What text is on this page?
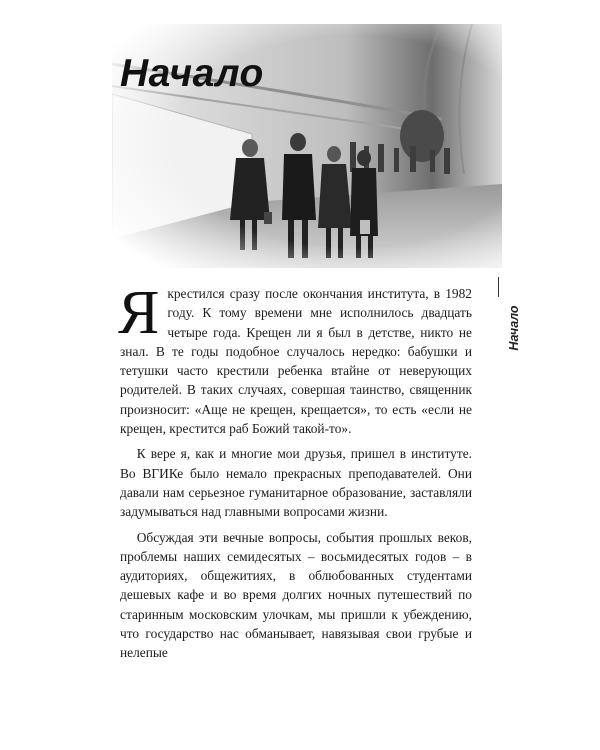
Начало
Начало

Я крестился сразу после окончания института, в 1982 году. К тому времени мне исполнилось двадцать четыре года. Крещен ли я был в детстве, никто не знал. В те годы подобное случалось нередко: бабушки и тетушки часто крестили ребенка втайне от неверующих родителей. В таких случаях, совершая таинство, священник произносит: «Аще не крещен, крещается», то есть «если не крещен, крестится раб Божий такой-то».

К вере я, как и многие мои друзья, пришел в институте. Во ВГИКе было немало прекрасных преподавателей. Они давали нам серьезное гуманитарное образование, заставляли задумываться над главными вопросами жизни.

Обсуждая эти вечные вопросы, события прошлых веков, проблемы наших семидесятых – восьмидесятых годов – в аудиториях, общежитиях, в облюбованных студентами дешевых кафе и во время долгих ночных путешествий по старинным московским улочкам, мы пришли к убеждению, что государство нас обманывает, навязывая свои грубые и нелепые
